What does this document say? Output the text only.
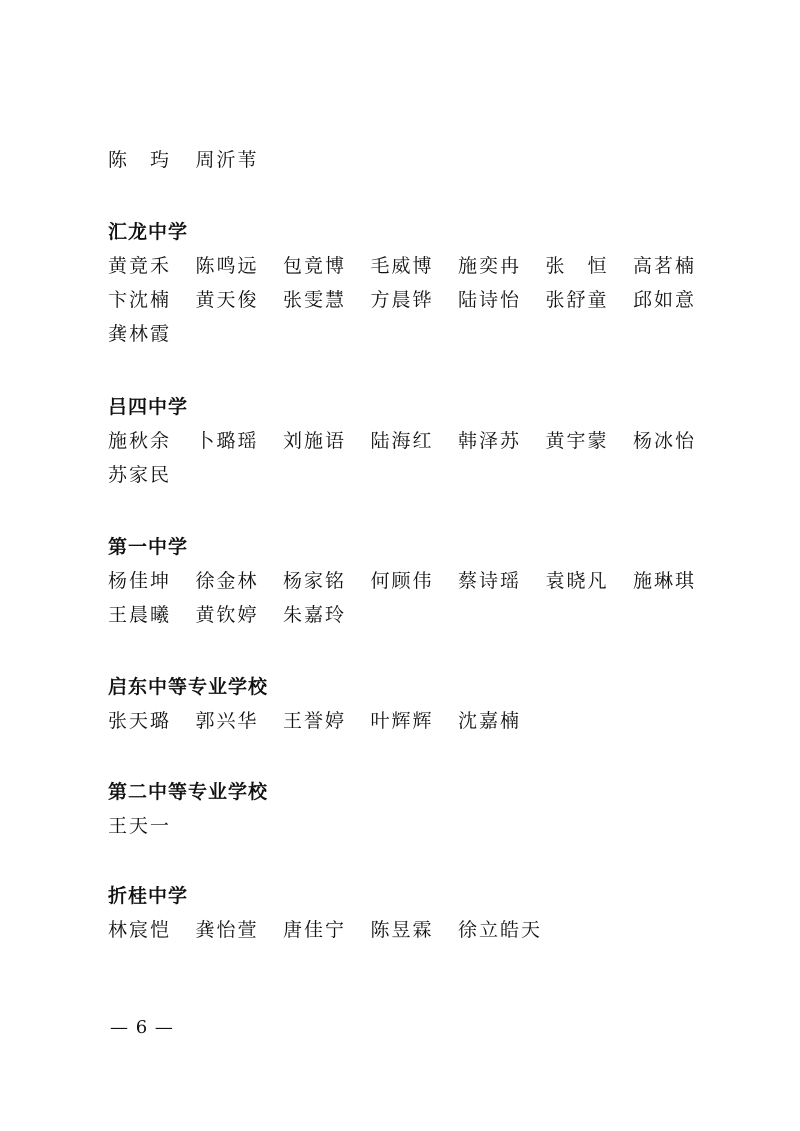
陈　玙	周沂苇
汇龙中学
黄竟禾	陈鸣远	包竟博	毛威博	施奕冉	张　恒	高茗楠
卞沈楠	黄天俊	张雯慧	方晨铧	陆诗怡	张舒童	邱如意
龚林霞
吕四中学
施秋余	卜璐瑶	刘施语	陆海红	韩泽苏	黄宇蒙	杨冰怡
苏家民
第一中学
杨佳坤	徐金林	杨家铭	何顾伟	蔡诗瑶	袁晓凡	施琳琪
王晨曦	黄钦婷	朱嘉玲
启东中等专业学校
张天璐	郭兴华	王誉婷	叶辉辉	沈嘉楠
第二中等专业学校
王天一
折桂中学
林宸恺	龚怡萱	唐佳宁	陈昱霖	徐立皓天
— 6 —
